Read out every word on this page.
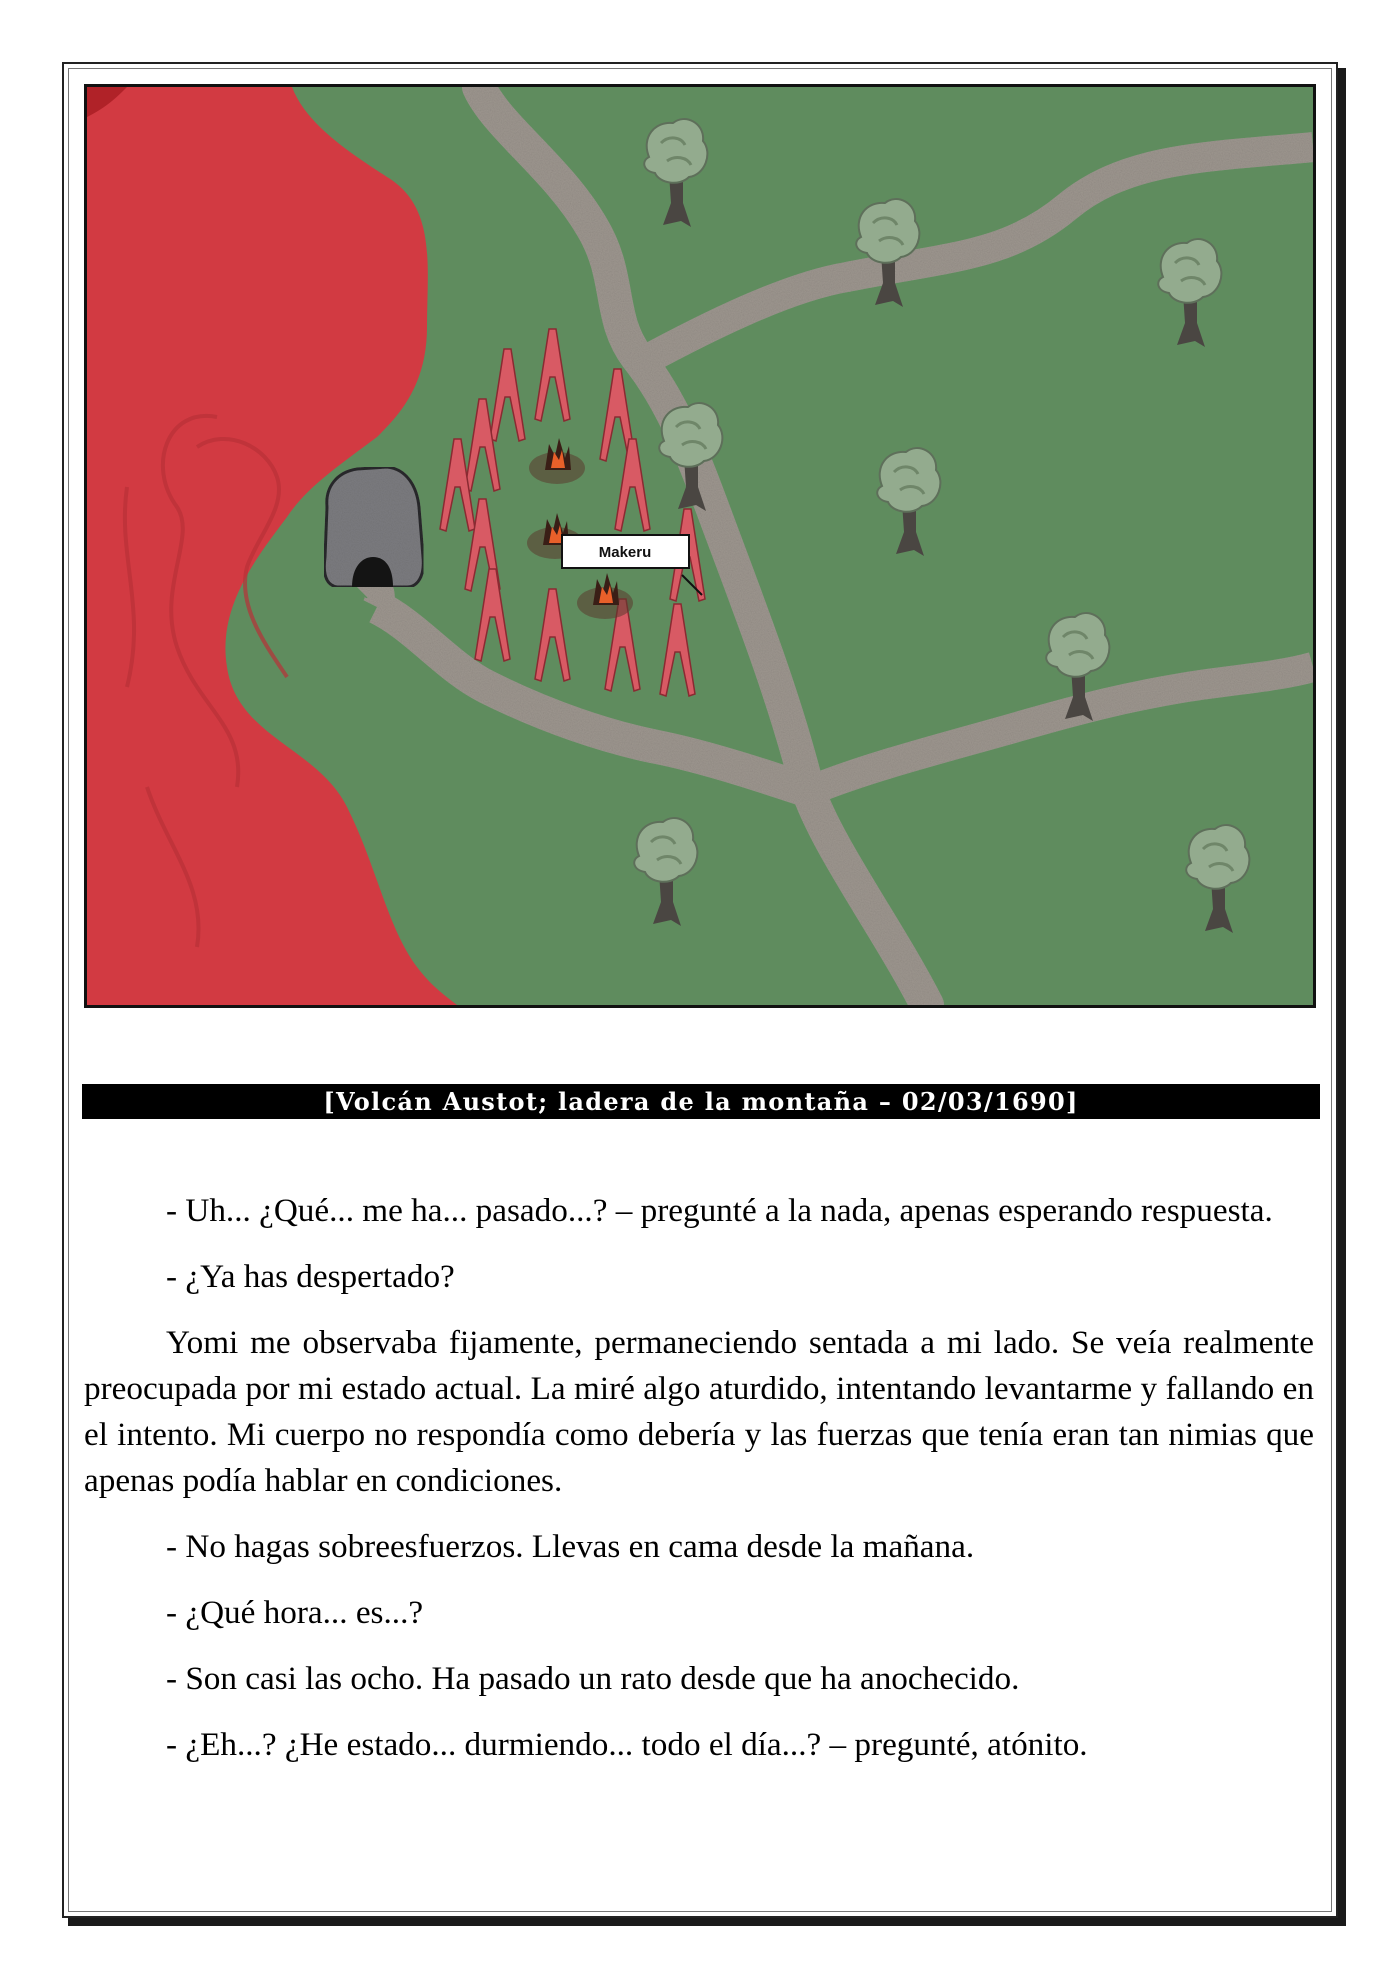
Makeru
[Volcán Austot; ladera de la montaña – 02/03/1690]

- Uh... ¿Qué... me ha... pasado...? – pregunté a la nada, apenas esperando respuesta.

- ¿Ya has despertado?

Yomi me observaba fijamente, permaneciendo sentada a mi lado. Se veía realmente preocupada por mi estado actual. La miré algo aturdido, intentando levantarme y fallando en el intento. Mi cuerpo no respondía como debería y las fuerzas que tenía eran tan nimias que apenas podía hablar en condiciones.

- No hagas sobreesfuerzos. Llevas en cama desde la mañana.

- ¿Qué hora... es...?

- Son casi las ocho. Ha pasado un rato desde que ha anochecido.

- ¿Eh...? ¿He estado... durmiendo... todo el día...? – pregunté, atónito.
